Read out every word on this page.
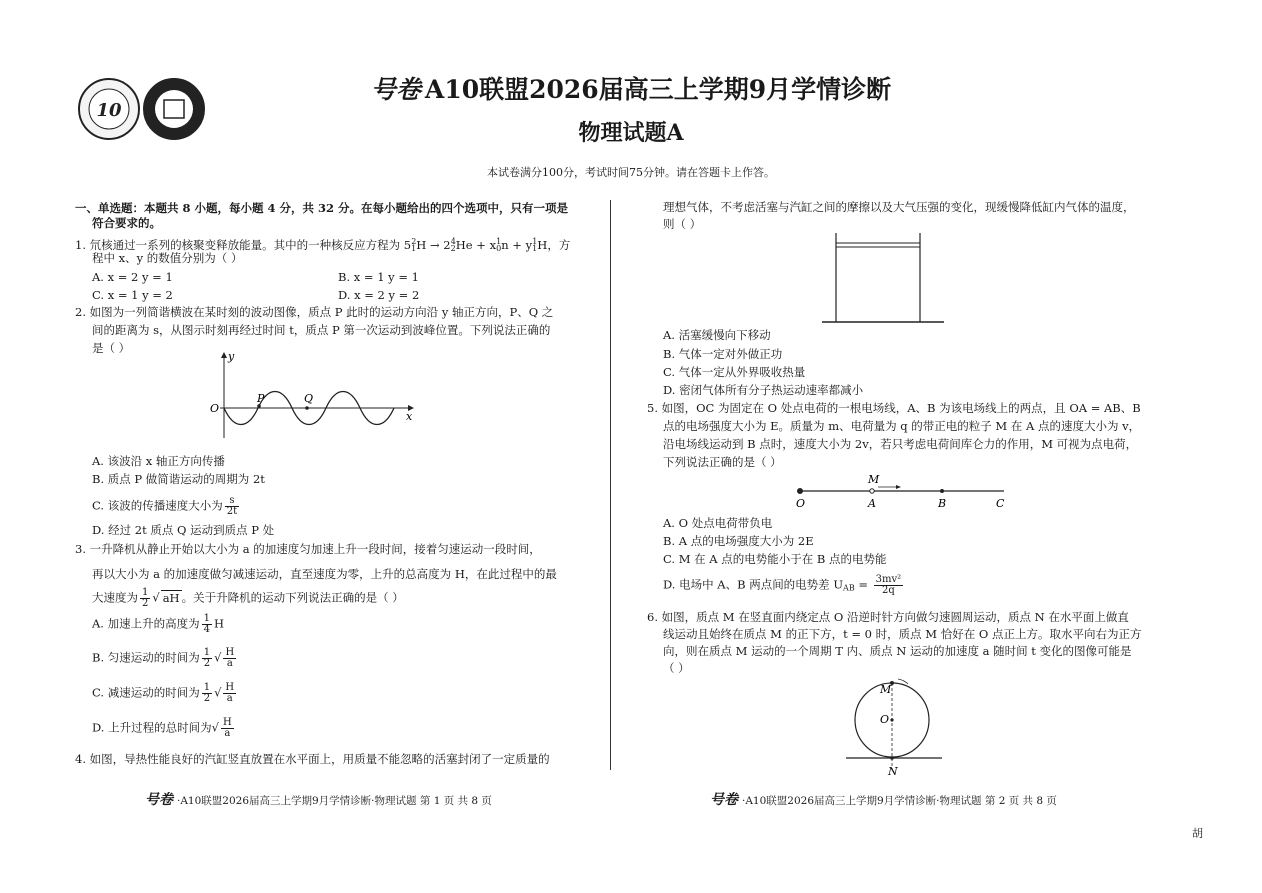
10
号卷 A10联盟2026届高三上学期9月学情诊断
物理试题A
本试卷满分100分，考试时间75分钟。请在答题卡上作答。
一、单选题：本题共 8 小题，每小题 4 分，共 32 分。在每小题给出的四个选项中，只有一项是
符合要求的。
1. 氘核通过一系列的核聚变释放能量。其中的一种核反应方程为 $5_1^2H \to 2_2^4He + x_0^1n + y_1^1H$，方
程中 x、y 的数值分别为（ ）
A. x = 2 y = 1	B. x = 1 y = 1
C. x = 1 y = 2	D. x = 2 y = 2
2. 如图为一列简谐横波在某时刻的波动图像，质点 P 此时的运动方向沿 y 轴正方向，P、Q 之
间的距离为 s，从图示时刻再经过时间 t，质点 P 第一次运动到波峰位置。下列说法正确的
是（ ）
y
x
O
P	Q
A. 该波沿 x 轴正方向传播
B. 质点 P 做简谐运动的周期为 2t
C. 该波的传播速度大小为 $\frac{s}{2t}$
D. 经过 2t 质点 Q 运动到质点 P 处
3. 一升降机从静止开始以大小为 a 的加速度匀加速上升一段时间，接着匀速运动一段时间，
再以大小为 a 的加速度做匀减速运动，直至速度为零，上升的总高度为 H，在此过程中的最
大速度为 $\frac{1}{2}$ √ aH 。关于升降机的运动下列说法正确的是（ ）
A. 加速上升的高度为 $\frac{1}{4}$ H
B. 匀速运动的时间为 $\frac{1}{2}$ √ $\frac{H}{a}$
C. 减速运动的时间为 $\frac{1}{2}$ √ $\frac{H}{a}$
D. 上升过程的总时间为√ $\frac{H}{a}$
4. 如图，导热性能良好的汽缸竖直放置在水平面上，用质量不能忽略的活塞封闭了一定质量的
号卷 ·A10联盟2026届高三上学期9月学情诊断·物理试题 第 1 页 共 8 页
理想气体，不考虑活塞与汽缸之间的摩擦以及大气压强的变化，现缓慢降低缸内气体的温度，
则（ ）
A. 活塞缓慢向下移动
B. 气体一定对外做正功
C. 气体一定从外界吸收热量
D. 密闭气体所有分子热运动速率都减小
5. 如图，OC 为固定在 O 处点电荷的一根电场线，A、B 为该电场线上的两点，且 OA = AB、B
点的电场强度大小为 E。质量为 m、电荷量为 q 的带正电的粒子 M 在 A 点的速度大小为 v，
沿电场线运动到 B 点时，速度大小为 2v，若只考虑电荷间库仑力的作用，M 可视为点电荷，
下列说法正确的是（ ）
O
M
A	B	C
A. O 处点电荷带负电
B. A 点的电场强度大小为 2E
C. M 在 A 点的电势能小于在 B 点的电势能
D. 电场中 A、B 两点间的电势差 $U_{AB} = \frac{\text{3mv²}}{2q}$
6. 如图，质点 M 在竖直面内绕定点 O 沿逆时针方向做匀速圆周运动，质点 N 在水平面上做直
线运动且始终在质点 M 的正下方，t = 0 时，质点 M 恰好在 O 点正上方。取水平向右为正方
向，则在质点 M 运动的一个周期 T 内、质点 N 运动的加速度 a 随时间 t 变化的图像可能是
（ ）
M
O
N
号卷 ·A10联盟2026届高三上学期9月学情诊断·物理试题 第 2 页 共 8 页
胡
